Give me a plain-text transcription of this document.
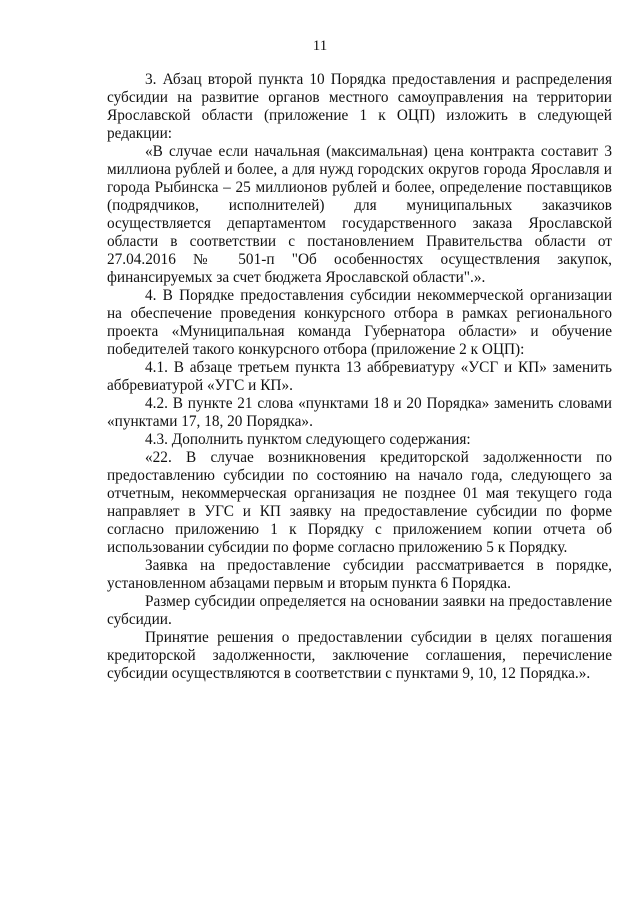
11

3. Абзац второй пункта 10 Порядка предоставления и распределения субсидии на развитие органов местного самоуправления на территории Ярославской области (приложение 1 к ОЦП) изложить в следующей редакции:

«В случае если начальная (максимальная) цена контракта составит 3 миллиона рублей и более, а для нужд городских округов города Ярославля и города Рыбинска – 25 миллионов рублей и более, определение поставщиков (подрядчиков, исполнителей) для муниципальных заказчиков осуществляется департаментом государственного заказа Ярославской области в соответствии с постановлением Правительства области от 27.04.2016 № 501-п "Об особенностях осуществления закупок, финансируемых за счет бюджета Ярославской области".».

4. В Порядке предоставления субсидии некоммерческой организации на обеспечение проведения конкурсного отбора в рамках регионального проекта «Муниципальная команда Губернатора области» и обучение победителей такого конкурсного отбора (приложение 2 к ОЦП):

4.1. В абзаце третьем пункта 13 аббревиатуру «УСГ и КП» заменить аббревиатурой «УГС и КП».

4.2. В пункте 21 слова «пунктами 18 и 20 Порядка» заменить словами «пунктами 17, 18, 20 Порядка».

4.3. Дополнить пунктом следующего содержания:

«22. В случае возникновения кредиторской задолженности по предоставлению субсидии по состоянию на начало года, следующего за отчетным, некоммерческая организация не позднее 01 мая текущего года направляет в УГС и КП заявку на предоставление субсидии по форме согласно приложению 1 к Порядку с приложением копии отчета об использовании субсидии по форме согласно приложению 5 к Порядку.

Заявка на предоставление субсидии рассматривается в порядке, установленном абзацами первым и вторым пункта 6 Порядка.

Размер субсидии определяется на основании заявки на предоставление субсидии.

Принятие решения о предоставлении субсидии в целях погашения кредиторской задолженности, заключение соглашения, перечисление субсидии осуществляются в соответствии с пунктами 9, 10, 12 Порядка.».
